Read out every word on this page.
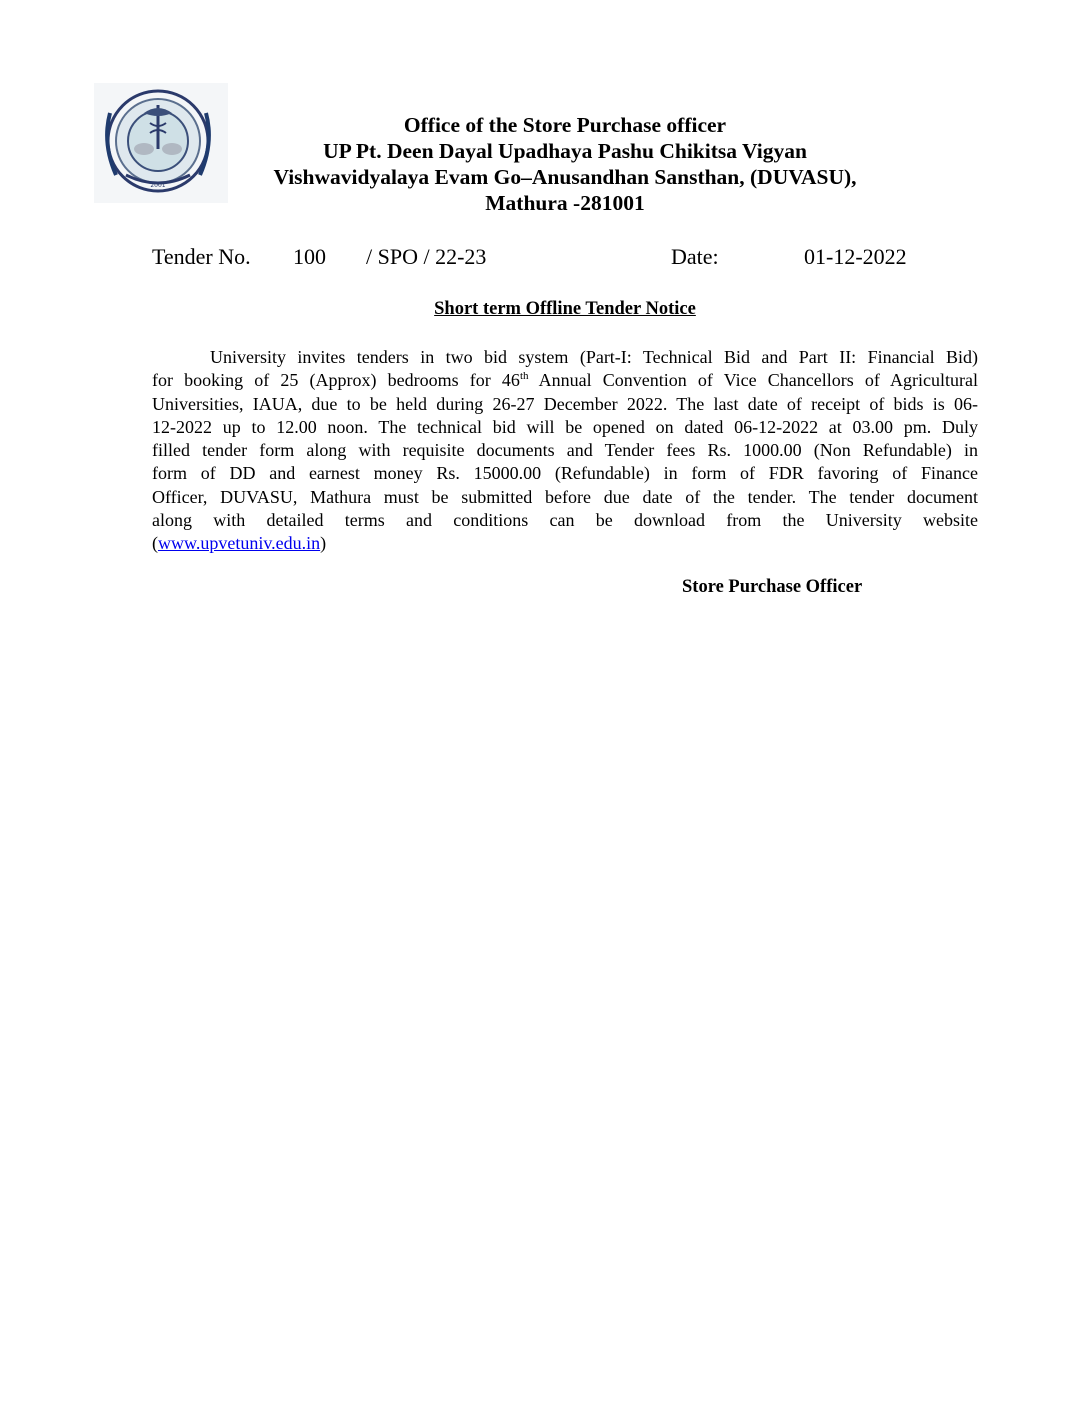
2001
Office of the Store Purchase officer
UP Pt. Deen Dayal Upadhaya Pashu Chikitsa Vigyan
Vishwavidyalaya Evam Go–Anusandhan Sansthan, (DUVASU),
Mathura -281001
Tender No. 100 / SPO / 22-23	Date:	01-12-2022
Short term Offline Tender Notice
University invites tenders in two bid system (Part-I: Technical Bid and Part II: Financial Bid)
for booking of 25 (Approx) bedrooms for 46th Annual Convention of Vice Chancellors of Agricultural
Universities, IAUA, due to be held during 26-27 December 2022. The last date of receipt of bids is 06-
12-2022 up to 12.00 noon. The technical bid will be opened on dated 06-12-2022 at 03.00 pm. Duly
filled tender form along with requisite documents and Tender fees Rs. 1000.00 (Non Refundable) in
form of DD and earnest money Rs. 15000.00 (Refundable) in form of FDR favoring of Finance
Officer, DUVASU, Mathura must be submitted before due date of the tender. The tender document
along with detailed terms and conditions can be download from the University website
(www.upvetuniv.edu.in)
Store Purchase Officer
